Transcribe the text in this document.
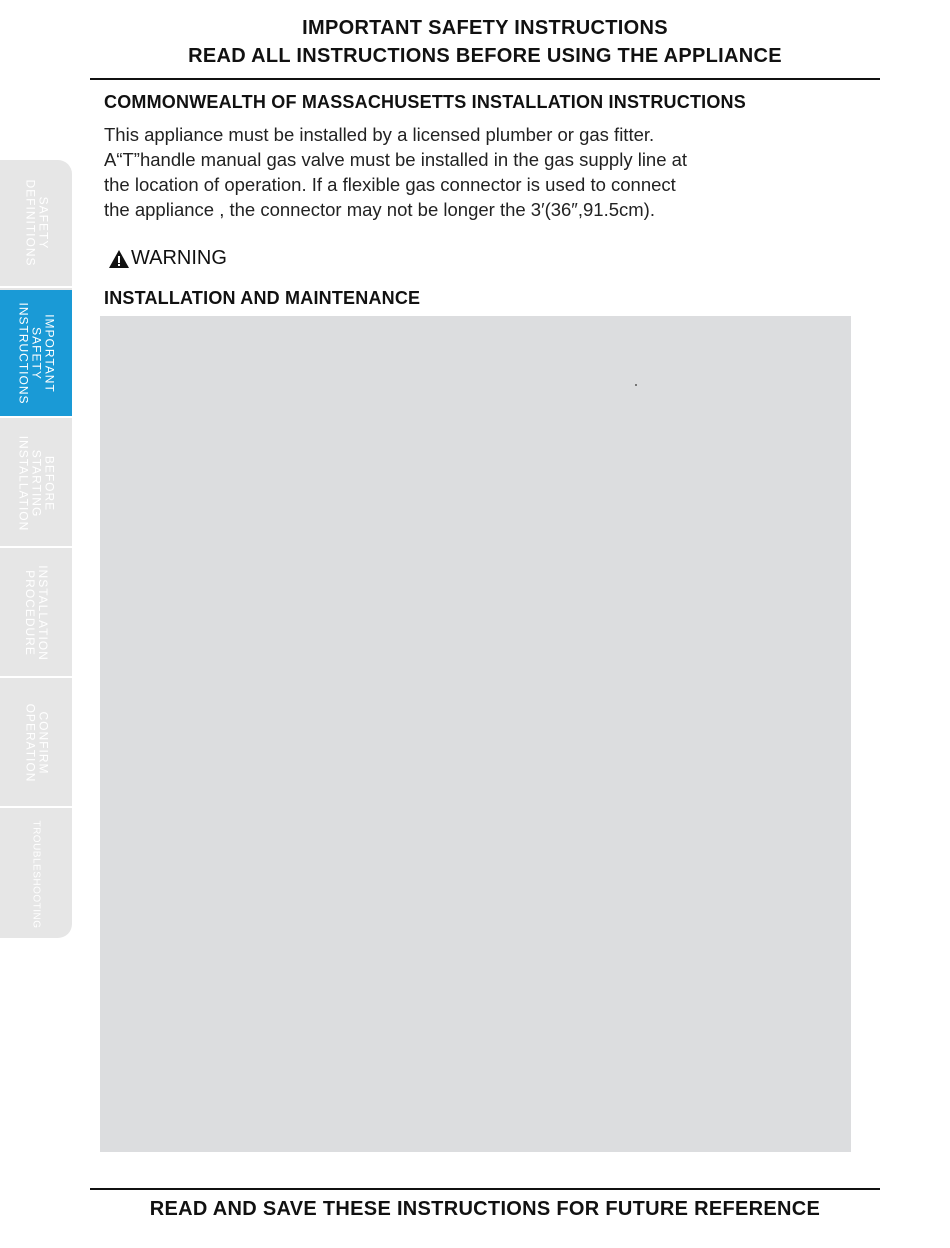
IMPORTANT SAFETY INSTRUCTIONS
READ ALL INSTRUCTIONS BEFORE USING THE APPLIANCE
COMMONWEALTH OF MASSACHUSETTS INSTALLATION INSTRUCTIONS
This appliance must be installed by a licensed plumber or gas fitter.
A“T”handle manual gas valve must be installed in the gas supply line at
the location of operation. If a flexible gas connector is used to connect
the appliance , the connector may not be longer the 3′(36″,91.5cm).
WARNING
INSTALLATION AND MAINTENANCE
READ AND SAVE THESE INSTRUCTIONS FOR FUTURE REFERENCE
SAFETY
DEFINITIONS
IMPORTANT
SAFETY
INSTRUCTIONS
BEFORE
STARTING
INSTALLATION
INSTALLATION
PROCEDURE
CONFIRM
OPERATION
TROUBLESHOOTING
